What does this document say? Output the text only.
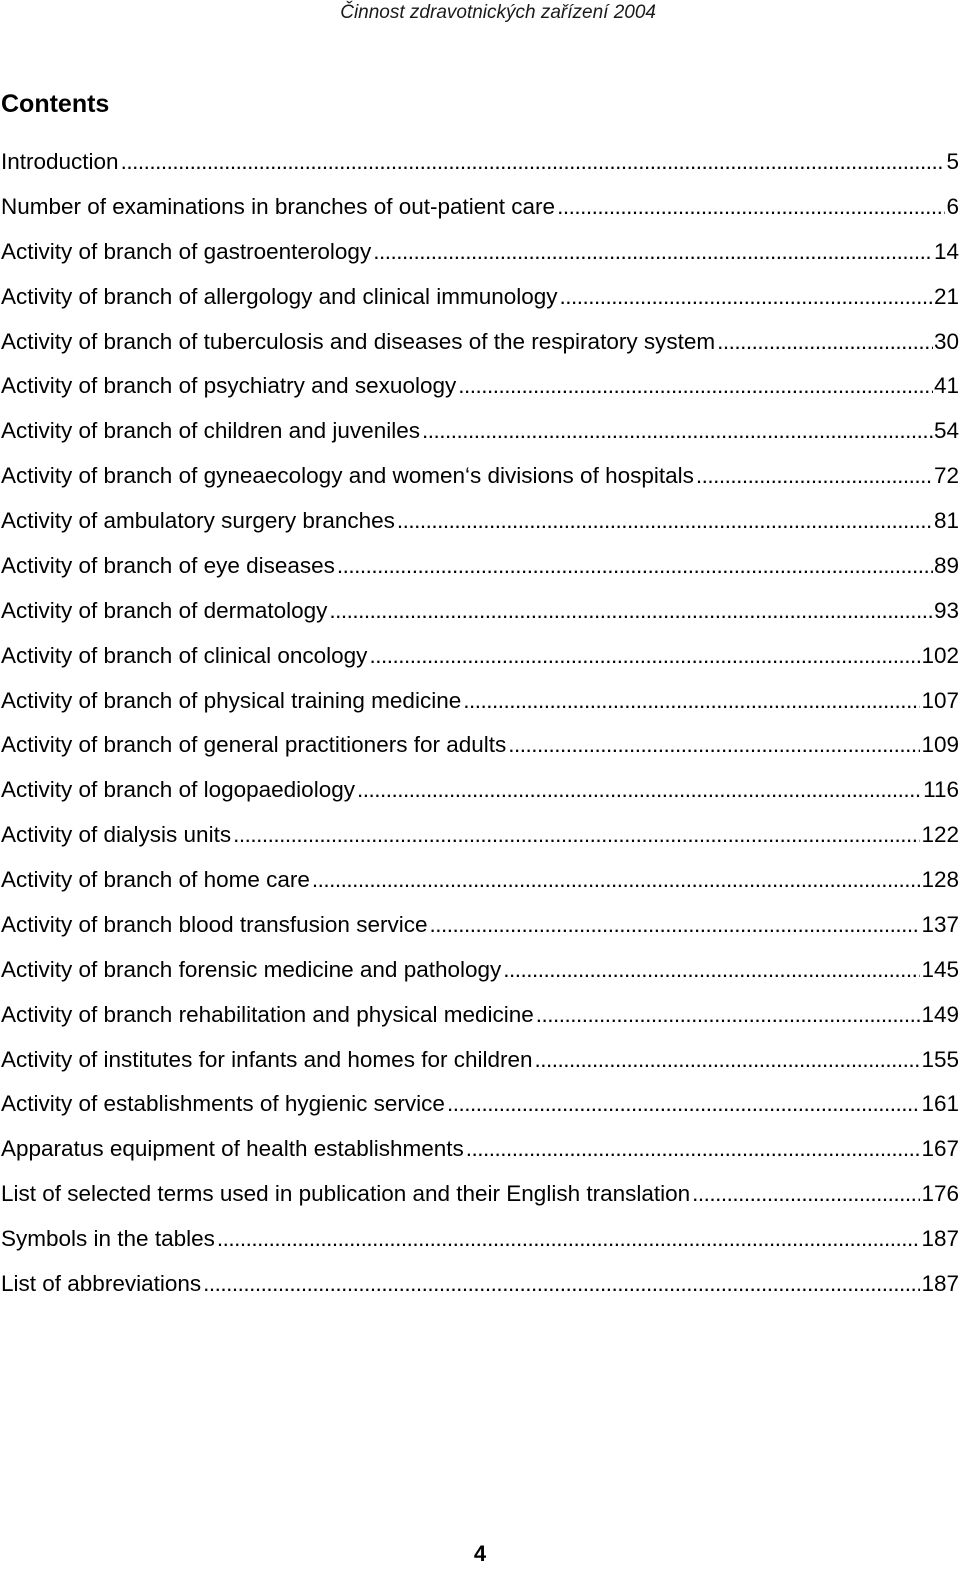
Činnost zdravotnických zařízení 2004
Contents
Introduction .....	5
Number of examinations in branches of out-patient care .....	6
Activity of branch of gastroenterology .....	14
Activity of branch of allergology and clinical immunology .....	21
Activity of branch of tuberculosis and diseases of the respiratory system .....	30
Activity of branch of psychiatry and sexuology .....	41
Activity of branch of children and juveniles .....	54
Activity of branch of gyneaecology and women‘s divisions of hospitals .....	72
Activity of ambulatory surgery branches .....	81
Activity of branch of eye diseases .....	89
Activity of branch of dermatology .....	93
Activity of branch of clinical oncology .....	102
Activity of branch of physical training medicine .....	107
Activity of branch of general practitioners for adults .....	109
Activity of branch of logopaediology .....	116
Activity of dialysis units .....	122
Activity of branch of home care .....	128
Activity of branch blood transfusion service .....	137
Activity of branch forensic medicine and pathology .....	145
Activity of branch rehabilitation and physical medicine .....	149
Activity of institutes for infants and homes for children .....	155
Activity of establishments of hygienic service .....	161
Apparatus equipment of health establishments .....	167
List of selected terms used in publication and their English translation .....	176
Symbols in the tables .....	187
List of abbreviations .....	187
4
